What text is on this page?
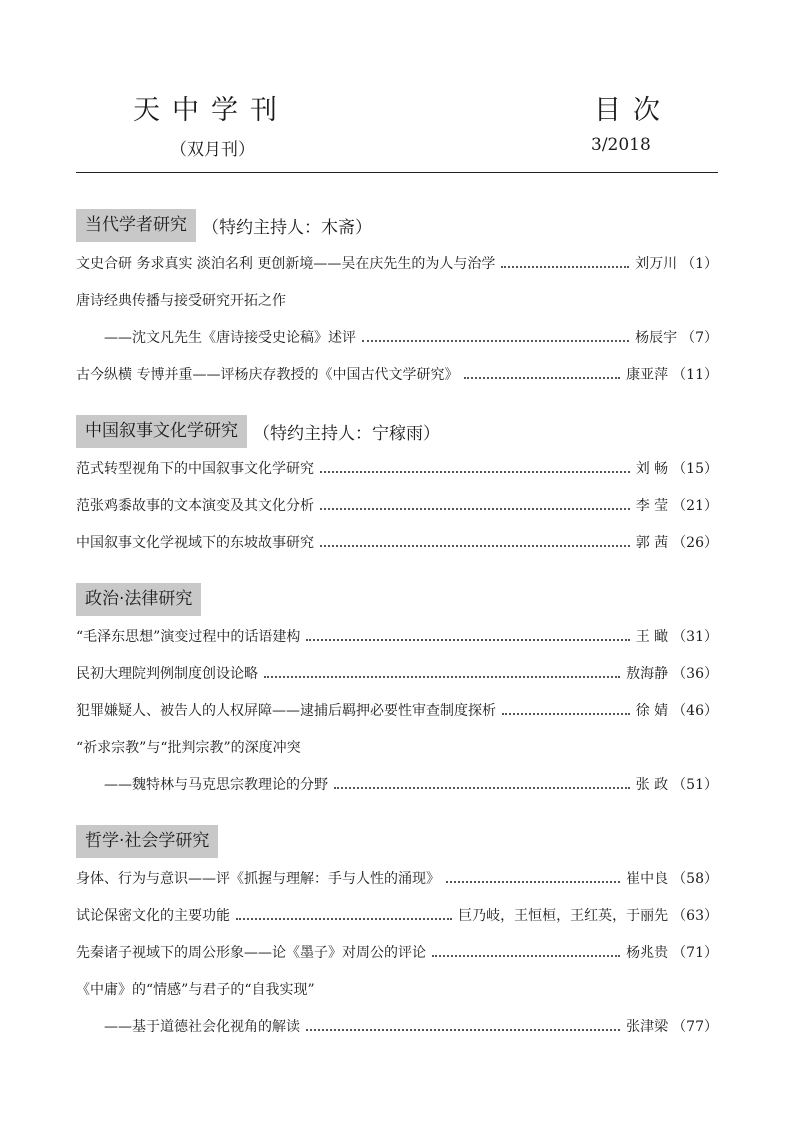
天中学刊	目次
（双月刊）	3/2018
当代学者研究 （特约主持人：木斋）
文史合研 务求真实 淡泊名利 更创新境——吴在庆先生的为人与治学	刘万川 （1）
唐诗经典传播与接受研究开拓之作
——沈文凡先生《唐诗接受史论稿》述评	杨辰宇 （7）
古今纵横 专博并重——评杨庆存教授的《中国古代文学研究》	康亚萍 （11）
中国叙事文化学研究 （特约主持人：宁稼雨）
范式转型视角下的中国叙事文化学研究	刘 畅 （15）
范张鸡黍故事的文本演变及其文化分析	李 莹 （21）
中国叙事文化学视域下的东坡故事研究	郭 茜 （26）
政治·法律研究
“毛泽东思想”演变过程中的话语建构	王 瞰 （31）
民初大理院判例制度创设论略	敖海静 （36）
犯罪嫌疑人、被告人的人权屏障——逮捕后羁押必要性审查制度探析	徐 婧 （46）
“祈求宗教”与“批判宗教”的深度冲突
——魏特林与马克思宗教理论的分野	张 政 （51）
哲学·社会学研究
身体、行为与意识——评《抓握与理解：手与人性的涌现》	崔中良 （58）
试论保密文化的主要功能	巨乃岐，王恒桓，王红英，于丽先 （63）
先秦诸子视域下的周公形象——论《墨子》对周公的评论	杨兆贵 （71）
《中庸》的“情感”与君子的“自我实现”
——基于道德社会化视角的解读	张津梁 （77）
